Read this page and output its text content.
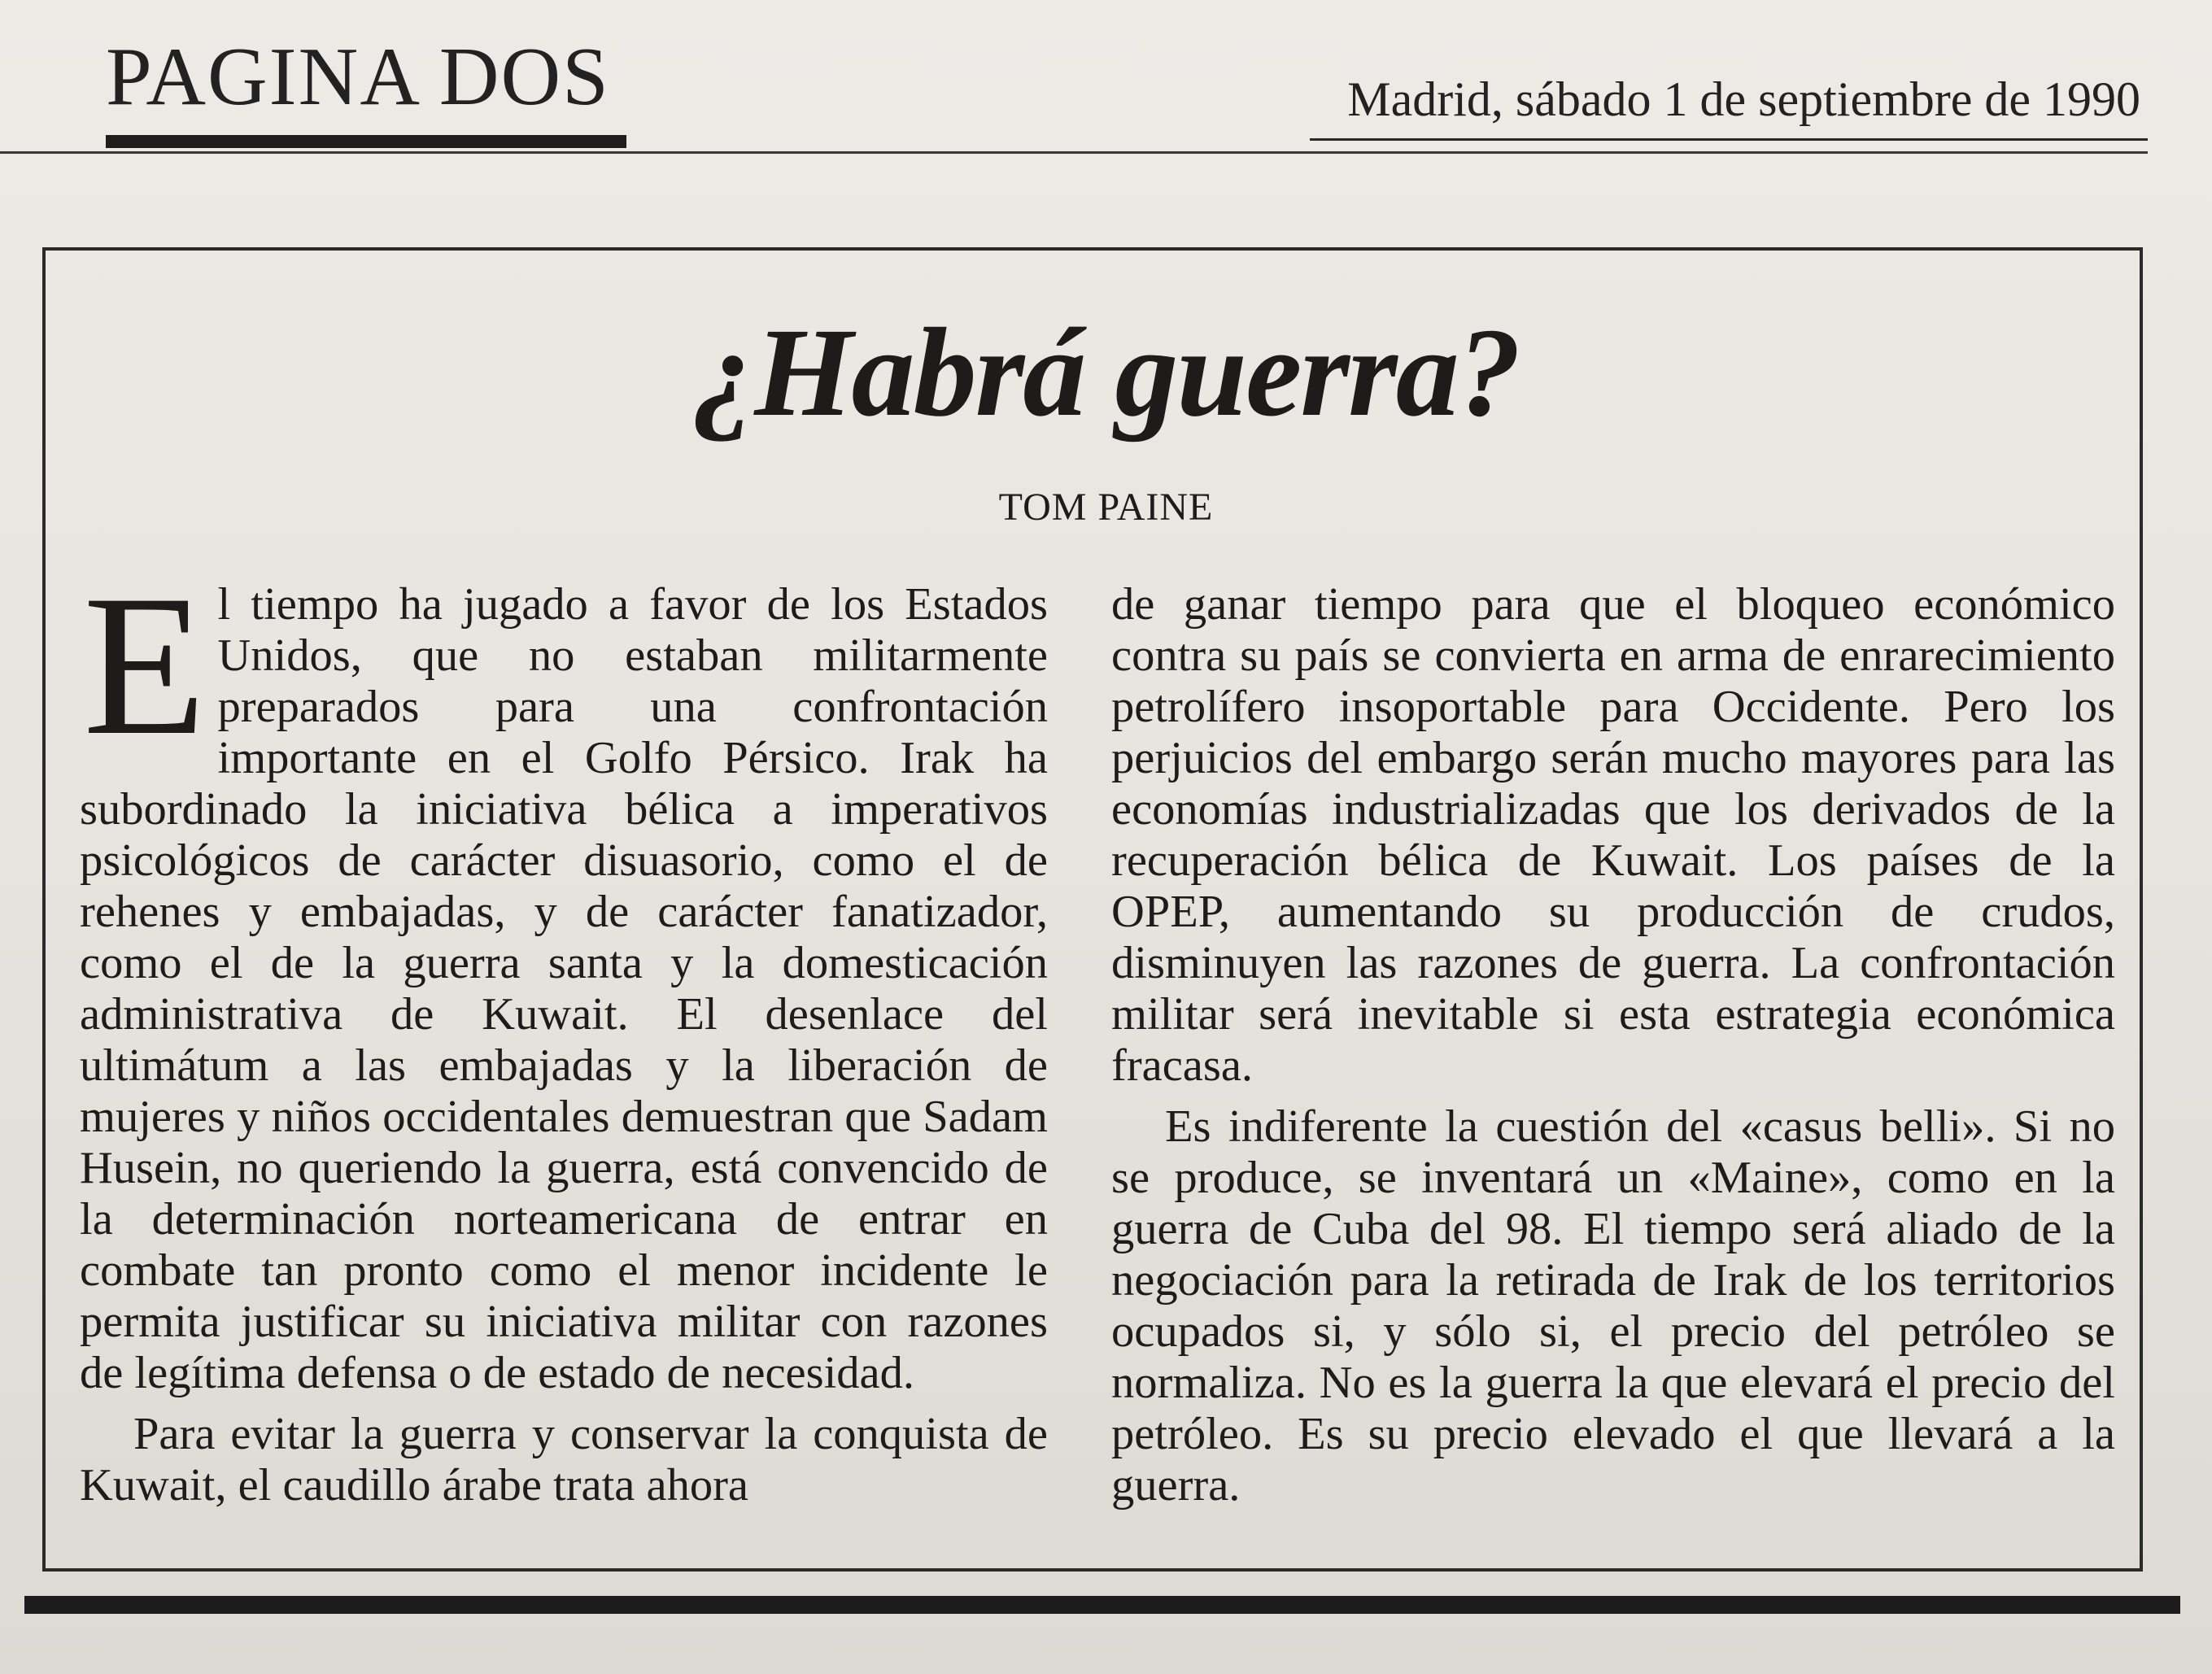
PAGINA DOS	Madrid, sábado 1 de septiembre de 1990
¿Habrá guerra?
TOM PAINE

El tiempo ha jugado a favor de los Estados Unidos, que no estaban militarmente preparados para una confrontación importante en el Golfo Pérsico. Irak ha subordinado la iniciativa bélica a imperativos psicológicos de carácter disuasorio, como el de rehenes y embajadas, y de carácter fanatizador, como el de la guerra santa y la domesticación administrativa de Kuwait. El desenlace del ultimátum a las embajadas y la liberación de mujeres y niños occidentales demuestran que Sadam Husein, no queriendo la guerra, está convencido de la determinación norteamericana de entrar en combate tan pronto como el menor incidente le permita justificar su iniciativa militar con razones de legítima defensa o de estado de necesidad.

Para evitar la guerra y conservar la conquista de Kuwait, el caudillo árabe trata ahora

de ganar tiempo para que el bloqueo económico contra su país se convierta en arma de enrarecimiento petrolífero insoportable para Occidente. Pero los perjuicios del embargo serán mucho mayores para las economías industrializadas que los derivados de la recuperación bélica de Kuwait. Los países de la OPEP, aumentando su producción de crudos, disminuyen las razones de guerra. La confrontación militar será inevitable si esta estrategia económica fracasa.

Es indiferente la cuestión del «casus belli». Si no se produce, se inventará un «Maine», como en la guerra de Cuba del 98. El tiempo será aliado de la negociación para la retirada de Irak de los territorios ocupados si, y sólo si, el precio del petróleo se normaliza. No es la guerra la que elevará el precio del petróleo. Es su precio elevado el que llevará a la guerra.
